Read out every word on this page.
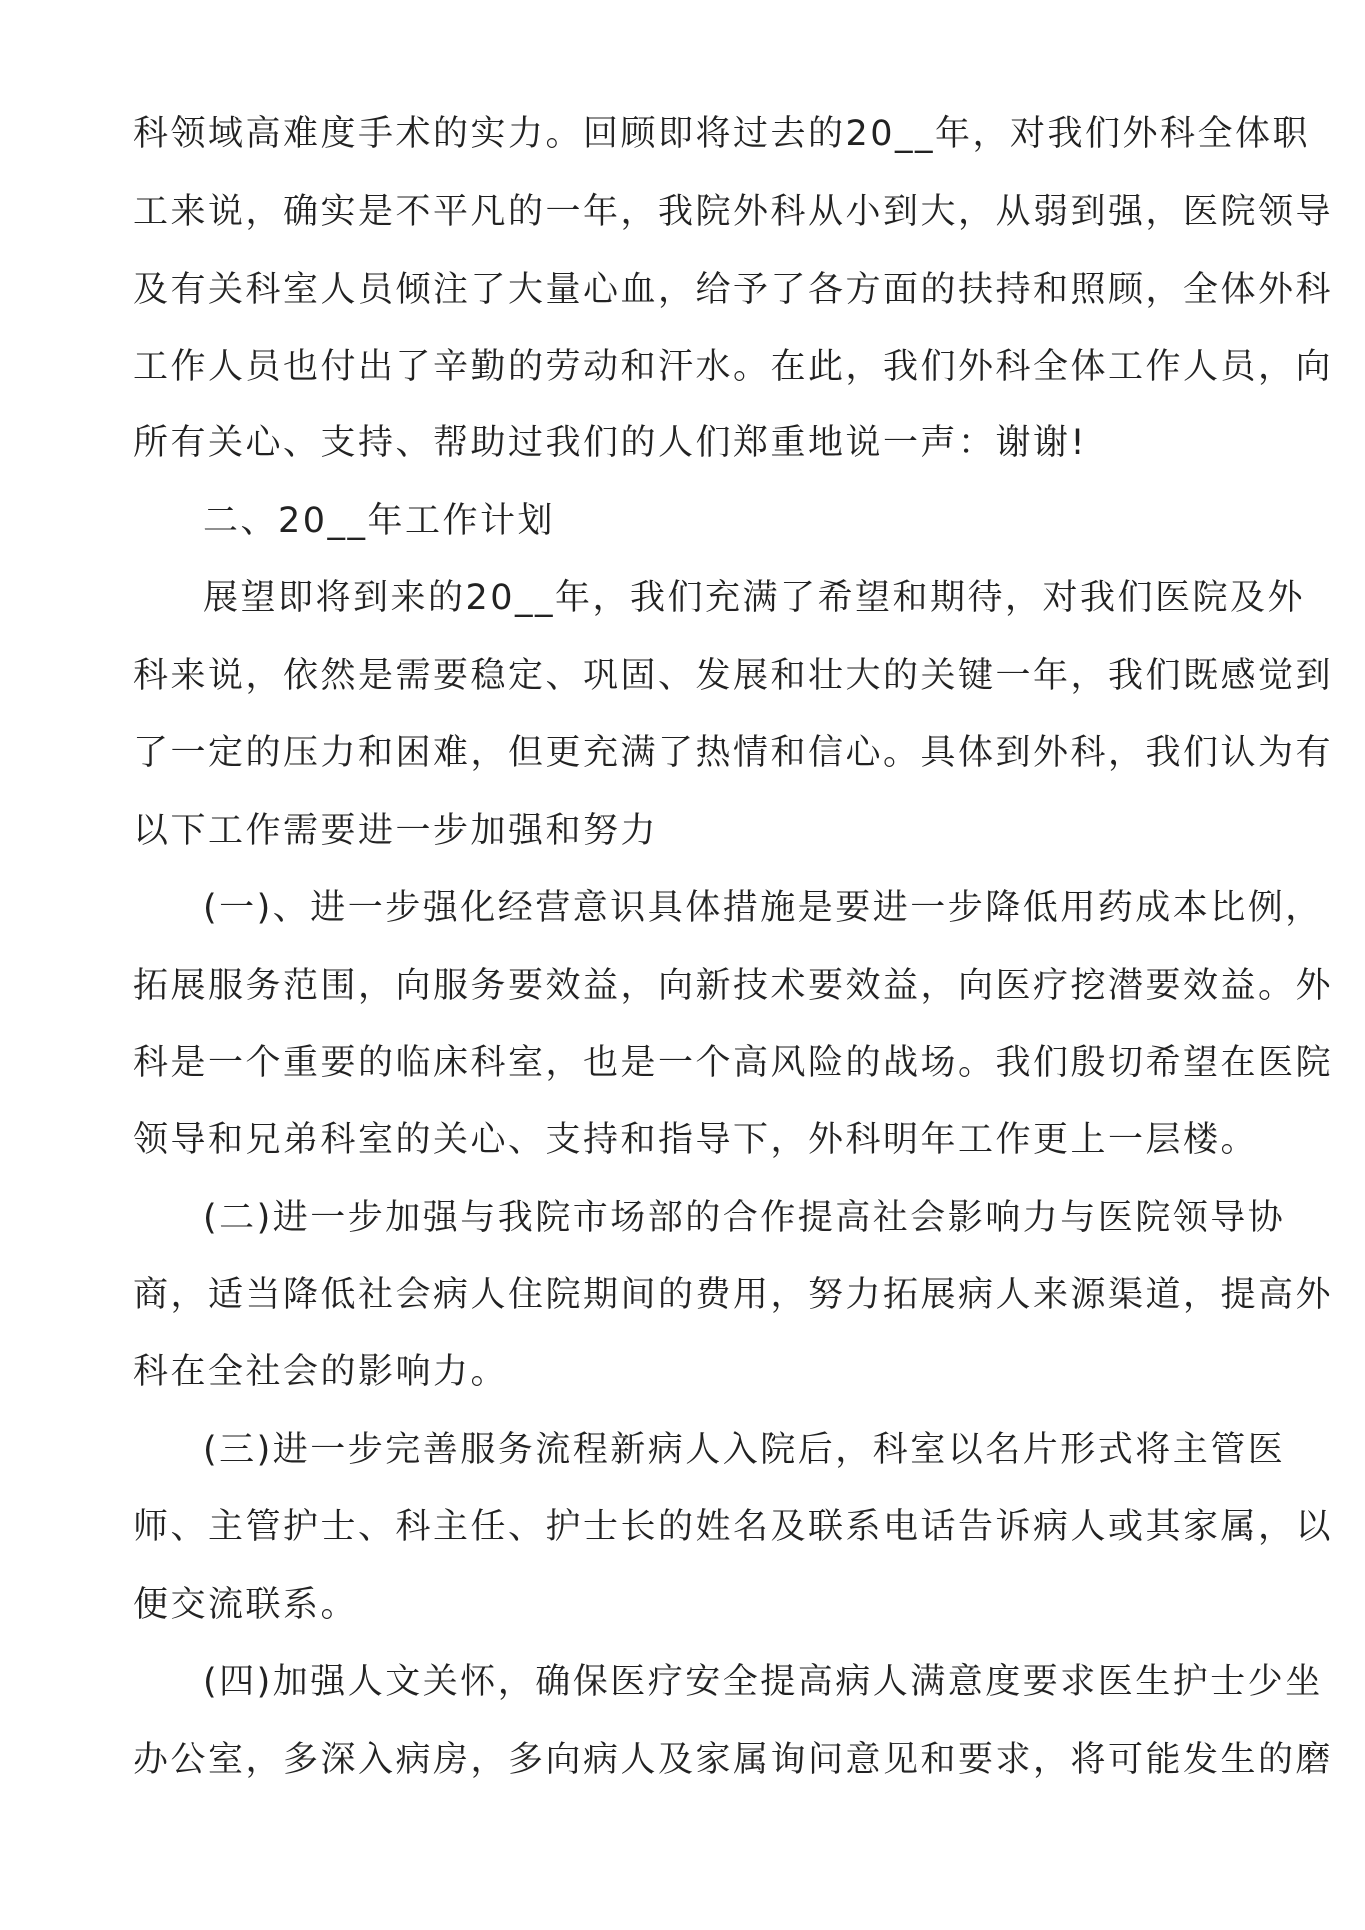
科领域高难度手术的实力。回顾即将过去的20__年，对我们外科全体职
工来说，确实是不平凡的一年，我院外科从小到大，从弱到强，医院领导
及有关科室人员倾注了大量心血，给予了各方面的扶持和照顾，全体外科
工作人员也付出了辛勤的劳动和汗水。在此，我们外科全体工作人员，向
所有关心、支持、帮助过我们的人们郑重地说一声：谢谢!
二、20__年工作计划
展望即将到来的20__年，我们充满了希望和期待，对我们医院及外
科来说，依然是需要稳定、巩固、发展和壮大的关键一年，我们既感觉到
了一定的压力和困难，但更充满了热情和信心。具体到外科，我们认为有
以下工作需要进一步加强和努力
(一)、进一步强化经营意识具体措施是要进一步降低用药成本比例，
拓展服务范围，向服务要效益，向新技术要效益，向医疗挖潜要效益。外
科是一个重要的临床科室，也是一个高风险的战场。我们殷切希望在医院
领导和兄弟科室的关心、支持和指导下，外科明年工作更上一层楼。
(二)进一步加强与我院市场部的合作提高社会影响力与医院领导协
商，适当降低社会病人住院期间的费用，努力拓展病人来源渠道，提高外
科在全社会的影响力。
(三)进一步完善服务流程新病人入院后，科室以名片形式将主管医
师、主管护士、科主任、护士长的姓名及联系电话告诉病人或其家属，以
便交流联系。
(四)加强人文关怀，确保医疗安全提高病人满意度要求医生护士少坐
办公室，多深入病房，多向病人及家属询问意见和要求，将可能发生的磨
